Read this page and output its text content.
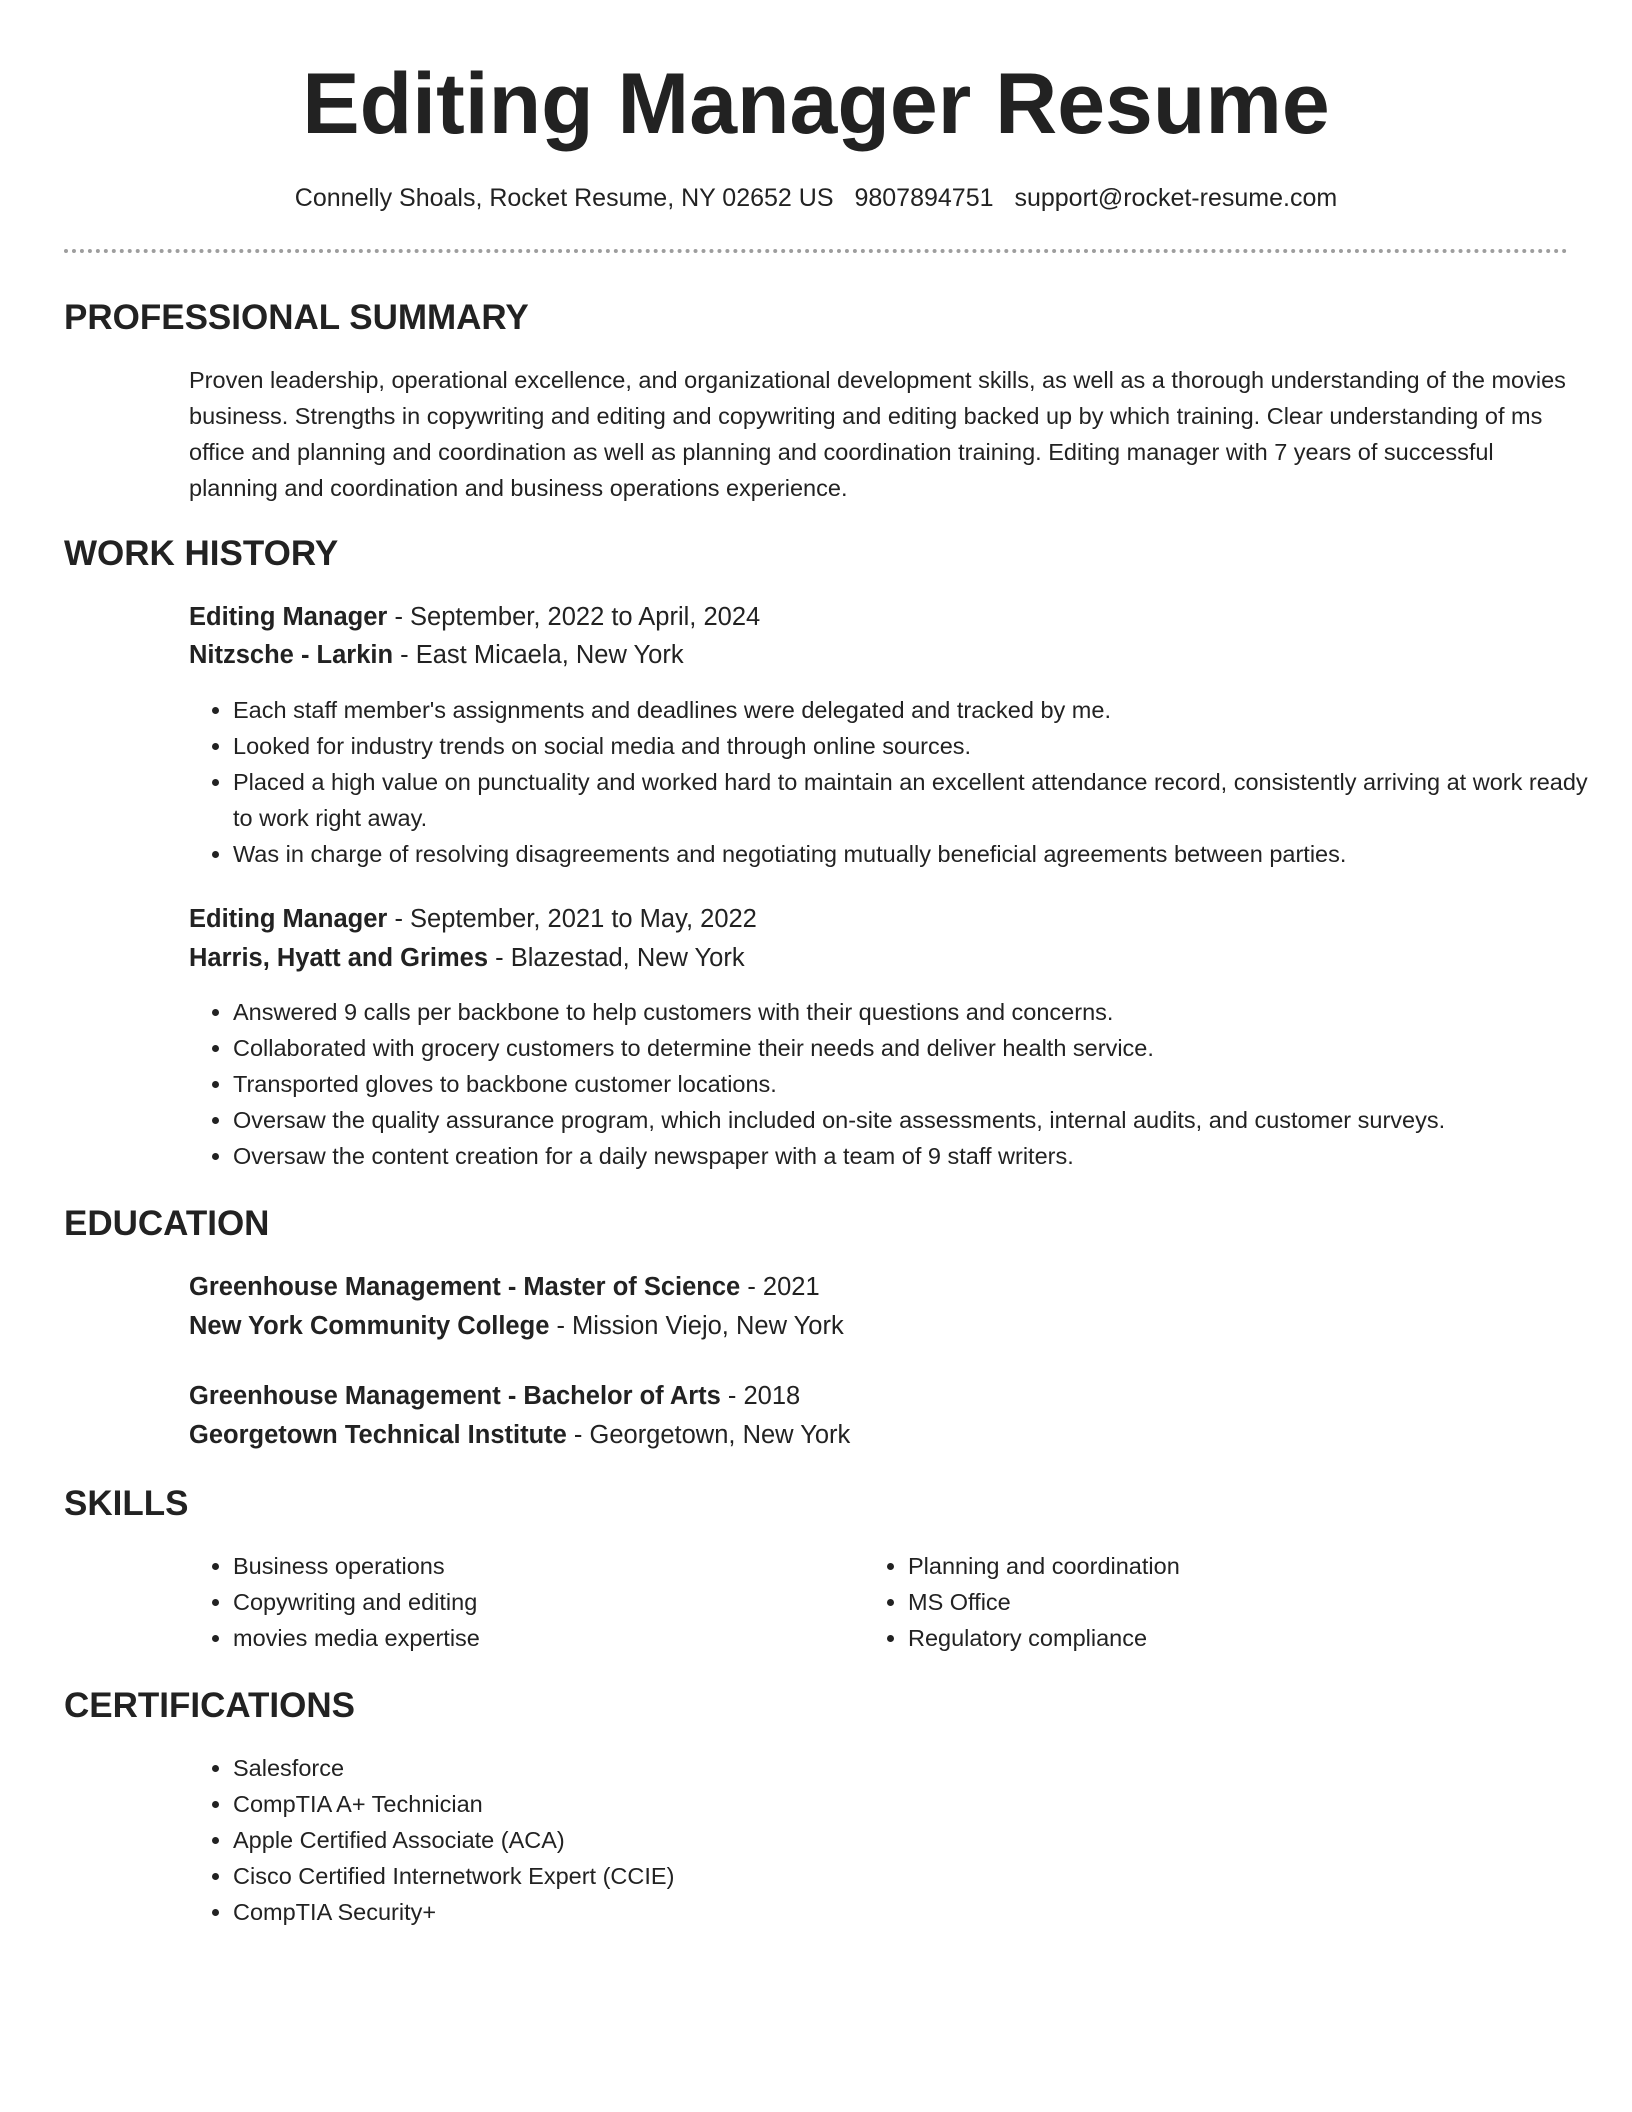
Editing Manager Resume
Connelly Shoals, Rocket Resume, NY 02652 US 9807894751 support@rocket-resume.com
PROFESSIONAL SUMMARY

Proven leadership, operational excellence, and organizational development skills, as well as a thorough understanding of the movies business. Strengths in copywriting and editing and copywriting and editing backed up by which training. Clear understanding of ms office and planning and coordination as well as planning and coordination training. Editing manager with 7 years of successful planning and coordination and business operations experience.

WORK HISTORY
Editing Manager - September, 2022 to April, 2024
Nitzsche - Larkin - East Micaela, New York
• Each staff member's assignments and deadlines were delegated and tracked by me.
• Looked for industry trends on social media and through online sources.
• Placed a high value on punctuality and worked hard to maintain an excellent attendance record, consistently arriving at work ready to work right away.
• Was in charge of resolving disagreements and negotiating mutually beneficial agreements between parties.
Editing Manager - September, 2021 to May, 2022
Harris, Hyatt and Grimes - Blazestad, New York
• Answered 9 calls per backbone to help customers with their questions and concerns.
• Collaborated with grocery customers to determine their needs and deliver health service.
• Transported gloves to backbone customer locations.
• Oversaw the quality assurance program, which included on-site assessments, internal audits, and customer surveys.
• Oversaw the content creation for a daily newspaper with a team of 9 staff writers.
EDUCATION
Greenhouse Management - Master of Science - 2021
New York Community College - Mission Viejo, New York
Greenhouse Management - Bachelor of Arts - 2018
Georgetown Technical Institute - Georgetown, New York
SKILLS
• Business operations
• Copywriting and editing
• movies media expertise
• Planning and coordination
• MS Office
• Regulatory compliance
CERTIFICATIONS
• Salesforce
• CompTIA A+ Technician
• Apple Certified Associate (ACA)
• Cisco Certified Internetwork Expert (CCIE)
• CompTIA Security+
